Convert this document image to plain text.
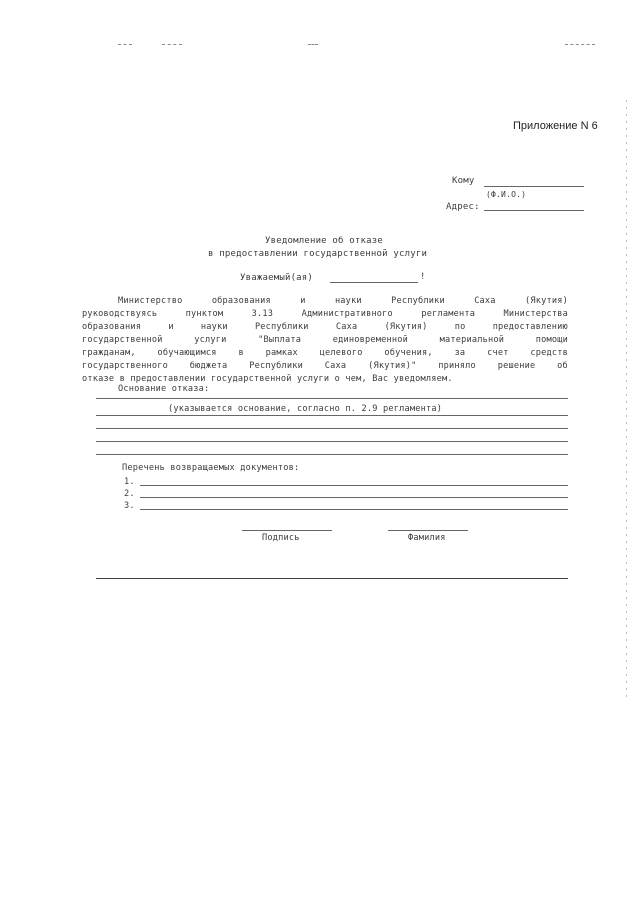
Приложение N 6
Кому
(Ф.И.О.)
Адрес:
Уведомление об отказе
в предоставлении государственной услуги
Уважаемый(ая)	!
Министерство	образования	и	науки	Республики	Саха	(Якутия)
руководствуясь	пунктом	3.13	Административного	регламента	Министерства
образования	и	науки	Республики	Саха	(Якутия)	по	предоставлению
государственной	услуги	"Выплата	единовременной	материальной	помощи
гражданам,	обучающимся	в	рамках	целевого	обучения,	за	счет	средств
государственного	бюджета	Республики	Саха	(Якутия)"	приняло	решение	об
отказе в предоставлении государственной услуги о чем, Вас уведомляем.
Основание отказа:
(указывается основание, согласно п. 2.9 регламента)
Перечень возвращаемых документов:
1.
2.
3.
Подпись	Фамилия
